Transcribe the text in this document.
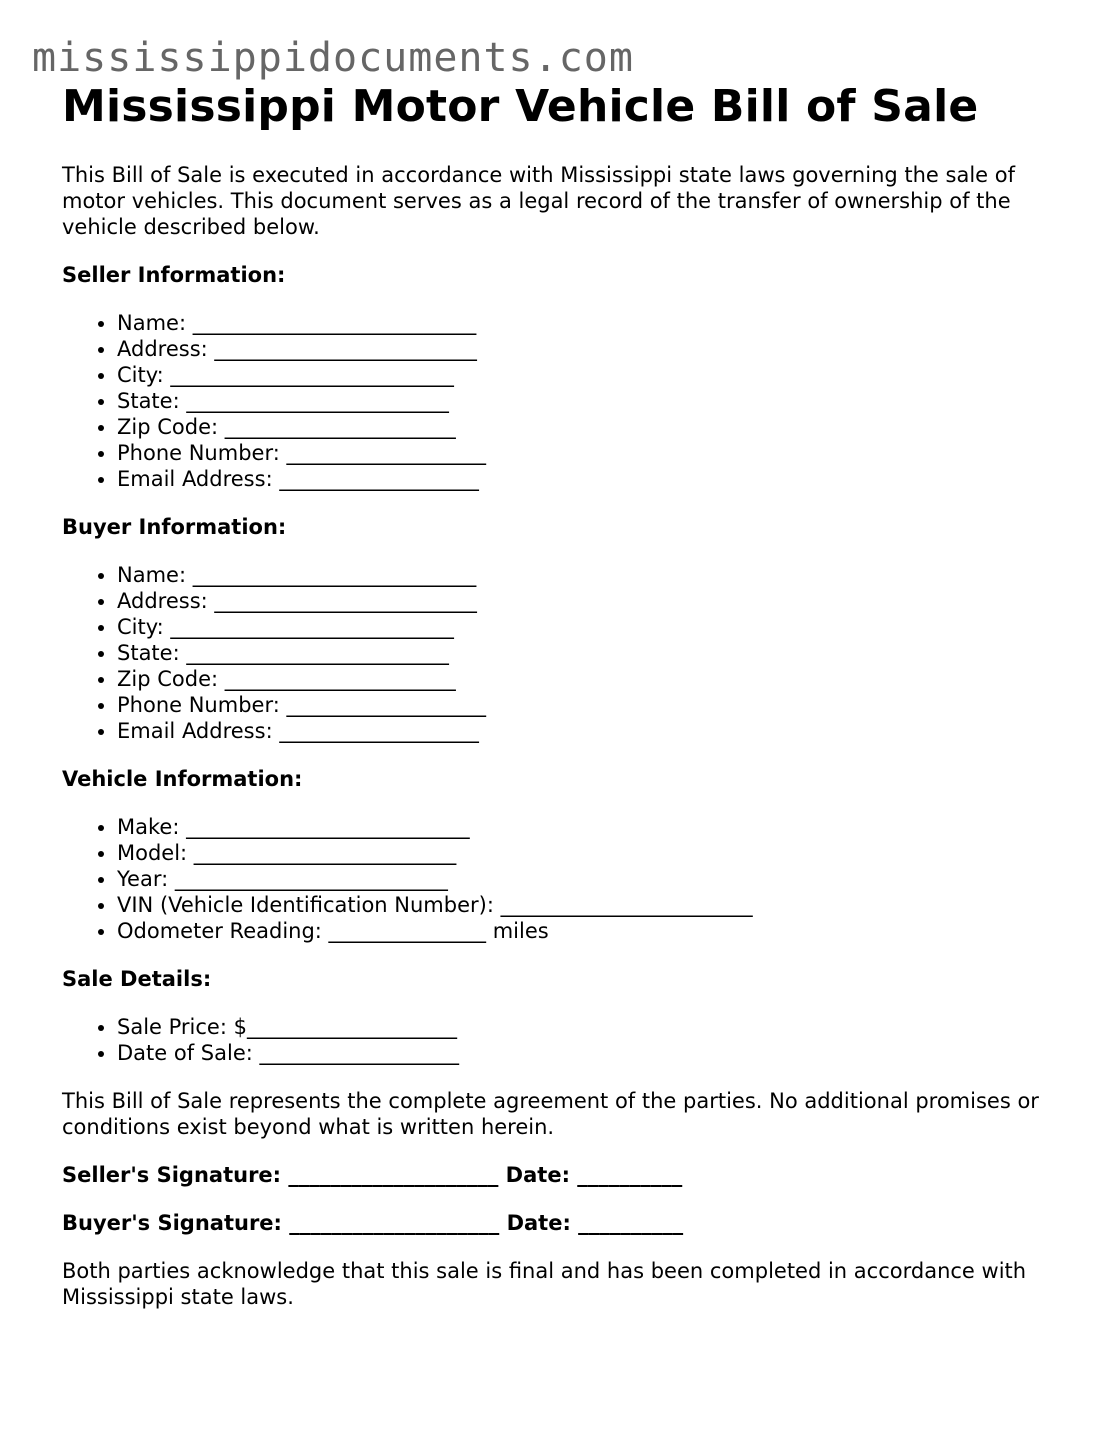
mississippidocuments.com
Mississippi Motor Vehicle Bill of Sale

This Bill of Sale is executed in accordance with Mississippi state laws governing the sale of motor vehicles. This document serves as a legal record of the transfer of ownership of the vehicle described below.

Seller Information:
• Name: ___________________________
• Address: _________________________
• City: ___________________________
• State: _________________________
• Zip Code: ______________________
• Phone Number: ___________________
• Email Address: ___________________
Buyer Information:
• Name: ___________________________
• Address: _________________________
• City: ___________________________
• State: _________________________
• Zip Code: ______________________
• Phone Number: ___________________
• Email Address: ___________________
Vehicle Information:
• Make: ___________________________
• Model: _________________________
• Year: __________________________
• VIN (Vehicle Identification Number): ________________________
• Odometer Reading: _______________ miles
Sale Details:
• Sale Price: $____________________
• Date of Sale: ___________________

This Bill of Sale represents the complete agreement of the parties. No additional promises or conditions exist beyond what is written herein.

Seller's Signature: ____________________ Date: __________
Buyer's Signature: ____________________ Date: __________

Both parties acknowledge that this sale is final and has been completed in accordance with Mississippi state laws.
